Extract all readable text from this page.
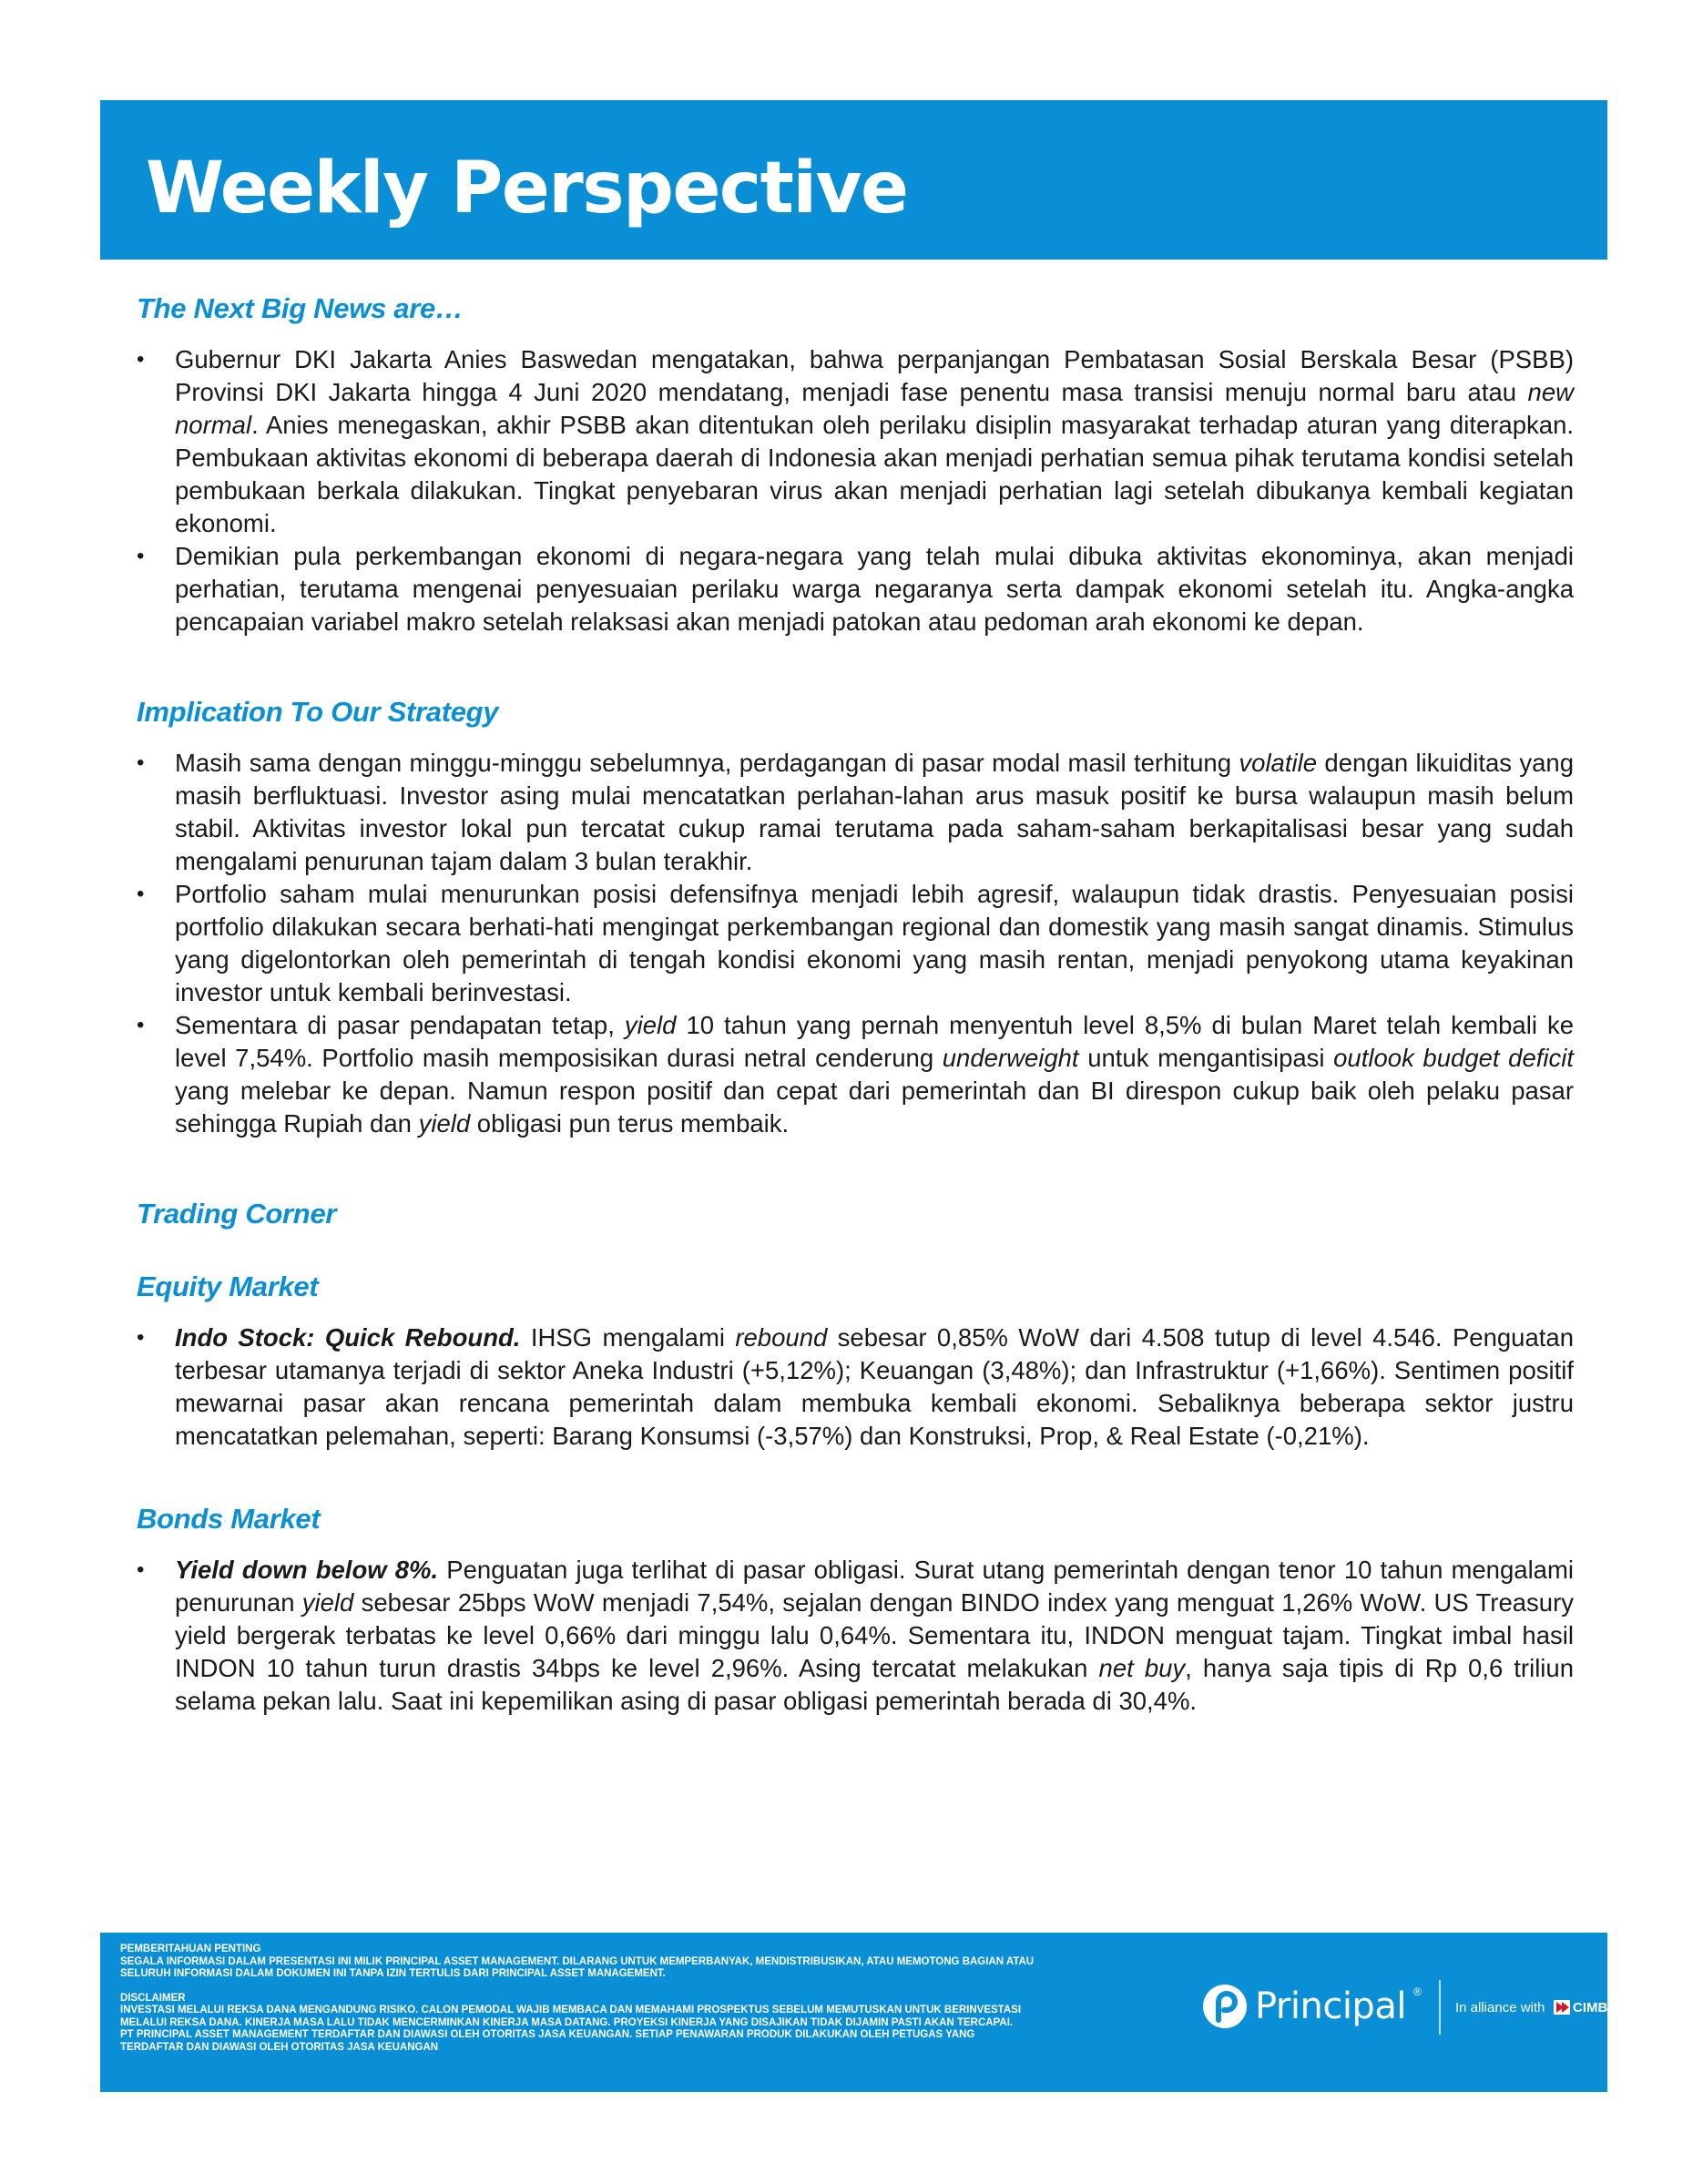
Weekly Perspective
The Next Big News are…
• Gubernur DKI Jakarta Anies Baswedan mengatakan, bahwa perpanjangan Pembatasan Sosial Berskala Besar (PSBB) Provinsi DKI Jakarta hingga 4 Juni 2020 mendatang, menjadi fase penentu masa transisi menuju normal baru atau new normal. Anies menegaskan, akhir PSBB akan ditentukan oleh perilaku disiplin masyarakat terhadap aturan yang diterapkan. Pembukaan aktivitas ekonomi di beberapa daerah di Indonesia akan menjadi perhatian semua pihak terutama kondisi setelah pembukaan berkala dilakukan. Tingkat penyebaran virus akan menjadi perhatian lagi setelah dibukanya kembali kegiatan ekonomi.
• Demikian pula perkembangan ekonomi di negara-negara yang telah mulai dibuka aktivitas ekonominya, akan menjadi perhatian, terutama mengenai penyesuaian perilaku warga negaranya serta dampak ekonomi setelah itu. Angka-angka pencapaian variabel makro setelah relaksasi akan menjadi patokan atau pedoman arah ekonomi ke depan.
Implication To Our Strategy
• Masih sama dengan minggu-minggu sebelumnya, perdagangan di pasar modal masil terhitung volatile dengan likuiditas yang masih berfluktuasi. Investor asing mulai mencatatkan perlahan-lahan arus masuk positif ke bursa walaupun masih belum stabil. Aktivitas investor lokal pun tercatat cukup ramai terutama pada saham-saham berkapitalisasi besar yang sudah mengalami penurunan tajam dalam 3 bulan terakhir.
• Portfolio saham mulai menurunkan posisi defensifnya menjadi lebih agresif, walaupun tidak drastis. Penyesuaian posisi portfolio dilakukan secara berhati-hati mengingat perkembangan regional dan domestik yang masih sangat dinamis. Stimulus yang digelontorkan oleh pemerintah di tengah kondisi ekonomi yang masih rentan, menjadi penyokong utama keyakinan investor untuk kembali berinvestasi.
• Sementara di pasar pendapatan tetap, yield 10 tahun yang pernah menyentuh level 8,5% di bulan Maret telah kembali ke level 7,54%. Portfolio masih memposisikan durasi netral cenderung underweight untuk mengantisipasi outlook budget deficit yang melebar ke depan. Namun respon positif dan cepat dari pemerintah dan BI direspon cukup baik oleh pelaku pasar sehingga Rupiah dan yield obligasi pun terus membaik.
Trading Corner
Equity Market
• Indo Stock: Quick Rebound. IHSG mengalami rebound sebesar 0,85% WoW dari 4.508 tutup di level 4.546. Penguatan terbesar utamanya terjadi di sektor Aneka Industri (+5,12%); Keuangan (3,48%); dan Infrastruktur (+1,66%). Sentimen positif mewarnai pasar akan rencana pemerintah dalam membuka kembali ekonomi. Sebaliknya beberapa sektor justru mencatatkan pelemahan, seperti: Barang Konsumsi (-3,57%) dan Konstruksi, Prop, & Real Estate (-0,21%).
Bonds Market
• Yield down below 8%. Penguatan juga terlihat di pasar obligasi. Surat utang pemerintah dengan tenor 10 tahun mengalami penurunan yield sebesar 25bps WoW menjadi 7,54%, sejalan dengan BINDO index yang menguat 1,26% WoW. US Treasury yield bergerak terbatas ke level 0,66% dari minggu lalu 0,64%. Sementara itu, INDON menguat tajam. Tingkat imbal hasil INDON 10 tahun turun drastis 34bps ke level 2,96%. Asing tercatat melakukan net buy, hanya saja tipis di Rp 0,6 triliun selama pekan lalu. Saat ini kepemilikan asing di pasar obligasi pemerintah berada di 30,4%.

PEMBERITAHUAN PENTING

SEGALA INFORMASI DALAM PRESENTASI INI MILIK PRINCIPAL ASSET MANAGEMENT. DILARANG UNTUK MEMPERBANYAK, MENDISTRIBUSIKAN, ATAU MEMOTONG BAGIAN ATAU

SELURUH INFORMASI DALAM DOKUMEN INI TANPA IZIN TERTULIS DARI PRINCIPAL ASSET MANAGEMENT.

DISCLAIMER

INVESTASI MELALUI REKSA DANA MENGANDUNG RISIKO. CALON PEMODAL WAJIB MEMBACA DAN MEMAHAMI PROSPEKTUS SEBELUM MEMUTUSKAN UNTUK BERINVESTASI

MELALUI REKSA DANA. KINERJA MASA LALU TIDAK MENCERMINKAN KINERJA MASA DATANG. PROYEKSI KINERJA YANG DISAJIKAN TIDAK DIJAMIN PASTI AKAN TERCAPAI.

PT PRINCIPAL ASSET MANAGEMENT TERDAFTAR DAN DIAWASI OLEH OTORITAS JASA KEUANGAN. SETIAP PENAWARAN PRODUK DILAKUKAN OLEH PETUGAS YANG

TERDAFTAR DAN DIAWASI OLEH OTORITAS JASA KEUANGAN

Principal ®
In alliance with CIMB
